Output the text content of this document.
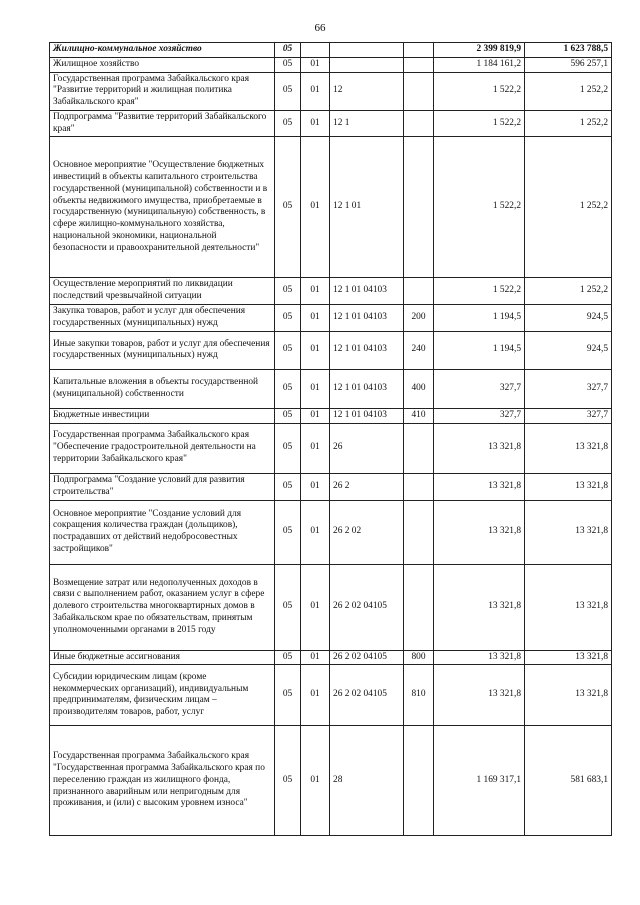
66
Жилищно-коммунальное хозяйство	05				2 399 819,9	1 623 788,5
Жилищное хозяйство	05	01			1 184 161,2	596 257,1
Государственная программа Забайкальского края "Развитие территорий и жилищная политика Забайкальского края"	05	01	12		1 522,2	1 252,2
Подпрограмма "Развитие территорий Забайкальского края"	05	01	12 1		1 522,2	1 252,2
Основное мероприятие "Осуществление бюджетных инвестиций в объекты капитального строительства государственной (муниципальной) собственности и в объекты недвижимого имущества, приобретаемые в государственную (муниципальную) собственность, в сфере жилищно-коммунального хозяйства, национальной экономики, национальной безопасности и правоохранительной деятельности"	05	01	12 1 01		1 522,2	1 252,2
Осуществление мероприятий по ликвидации последствий чрезвычайной ситуации	05	01	12 1 01 04103		1 522,2	1 252,2
Закупка товаров, работ и услуг для обеспечения государственных (муниципальных) нужд	05	01	12 1 01 04103	200	1 194,5	924,5
Иные закупки товаров, работ и услуг для обеспечения государственных (муниципальных) нужд	05	01	12 1 01 04103	240	1 194,5	924,5
Капитальные вложения в объекты государственной (муниципальной) собственности	05	01	12 1 01 04103	400	327,7	327,7
Бюджетные инвестиции	05	01	12 1 01 04103	410	327,7	327,7
Государственная программа Забайкальского края "Обеспечение градостроительной деятельности на территории Забайкальского края"	05	01	26		13 321,8	13 321,8
Подпрограмма "Создание условий для развития строительства"	05	01	26 2		13 321,8	13 321,8
Основное мероприятие "Создание условий для сокращения количества граждан (дольщиков), пострадавших от действий недобросовестных застройщиков"	05	01	26 2 02		13 321,8	13 321,8
Возмещение затрат или недополученных доходов в связи с выполнением работ, оказанием услуг в сфере долевого строительства многоквартирных домов в Забайкальском крае по обязательствам, принятым уполномоченными органами в 2015 году	05	01	26 2 02 04105		13 321,8	13 321,8
Иные бюджетные ассигнования	05	01	26 2 02 04105	800	13 321,8	13 321,8
Субсидии юридическим лицам (кроме некоммерческих организаций), индивидуальным предпринимателям, физическим лицам – производителям товаров, работ, услуг	05	01	26 2 02 04105	810	13 321,8	13 321,8
Государственная программа Забайкальского края "Государственная программа Забайкальского края по переселению граждан из жилищного фонда, признанного аварийным или непригодным для проживания, и (или) с высоким уровнем износа"	05	01	28		1 169 317,1	581 683,1
